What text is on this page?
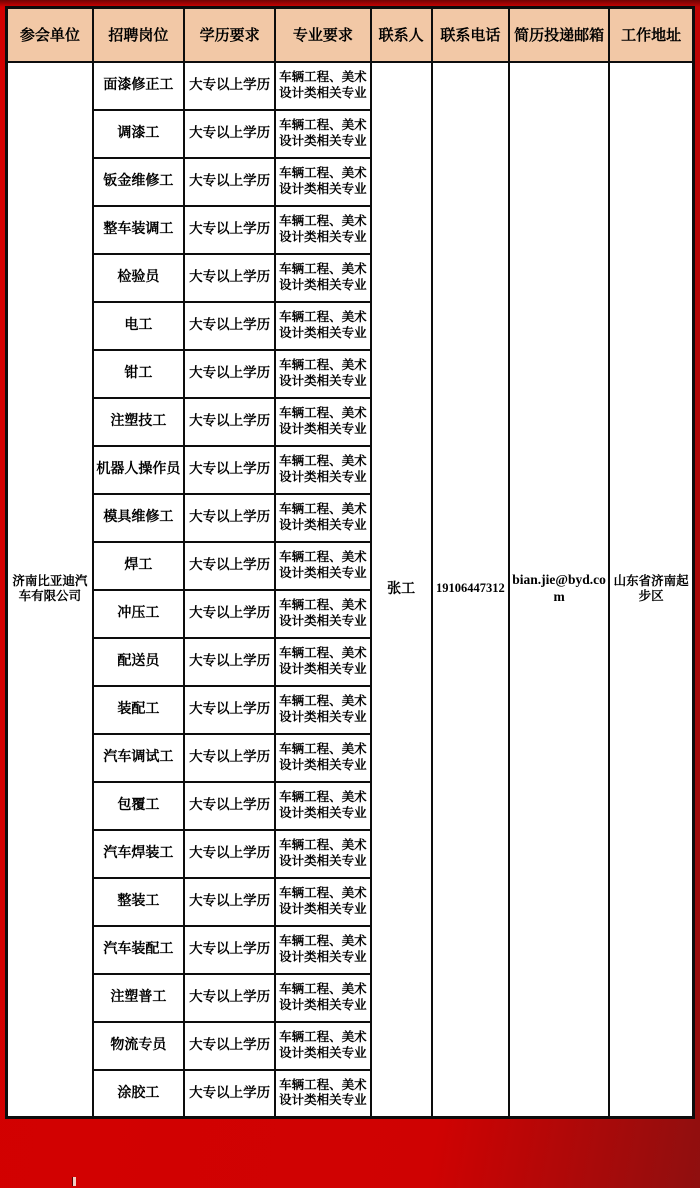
参会单位	招聘岗位	学历要求	专业要求	联系人	联系电话	简历投递邮箱	工作地址
济南比亚迪汽车有限公司	面漆修正工	大专以上学历	车辆工程、美术设计类相关专业	张工	19106447312	bian.jie@byd.com	山东省济南起步区
	调漆工	大专以上学历	车辆工程、美术设计类相关专业				
	钣金维修工	大专以上学历	车辆工程、美术设计类相关专业				
	整车装调工	大专以上学历	车辆工程、美术设计类相关专业				
	检验员	大专以上学历	车辆工程、美术设计类相关专业				
	电工	大专以上学历	车辆工程、美术设计类相关专业				
	钳工	大专以上学历	车辆工程、美术设计类相关专业				
	注塑技工	大专以上学历	车辆工程、美术设计类相关专业				
	机器人操作员	大专以上学历	车辆工程、美术设计类相关专业				
	模具维修工	大专以上学历	车辆工程、美术设计类相关专业				
	焊工	大专以上学历	车辆工程、美术设计类相关专业				
	冲压工	大专以上学历	车辆工程、美术设计类相关专业				
	配送员	大专以上学历	车辆工程、美术设计类相关专业				
	装配工	大专以上学历	车辆工程、美术设计类相关专业				
	汽车调试工	大专以上学历	车辆工程、美术设计类相关专业				
	包覆工	大专以上学历	车辆工程、美术设计类相关专业				
	汽车焊装工	大专以上学历	车辆工程、美术设计类相关专业				
	整装工	大专以上学历	车辆工程、美术设计类相关专业				
	汽车装配工	大专以上学历	车辆工程、美术设计类相关专业				
	注塑普工	大专以上学历	车辆工程、美术设计类相关专业				
	物流专员	大专以上学历	车辆工程、美术设计类相关专业				
	涂胶工	大专以上学历	车辆工程、美术设计类相关专业				
